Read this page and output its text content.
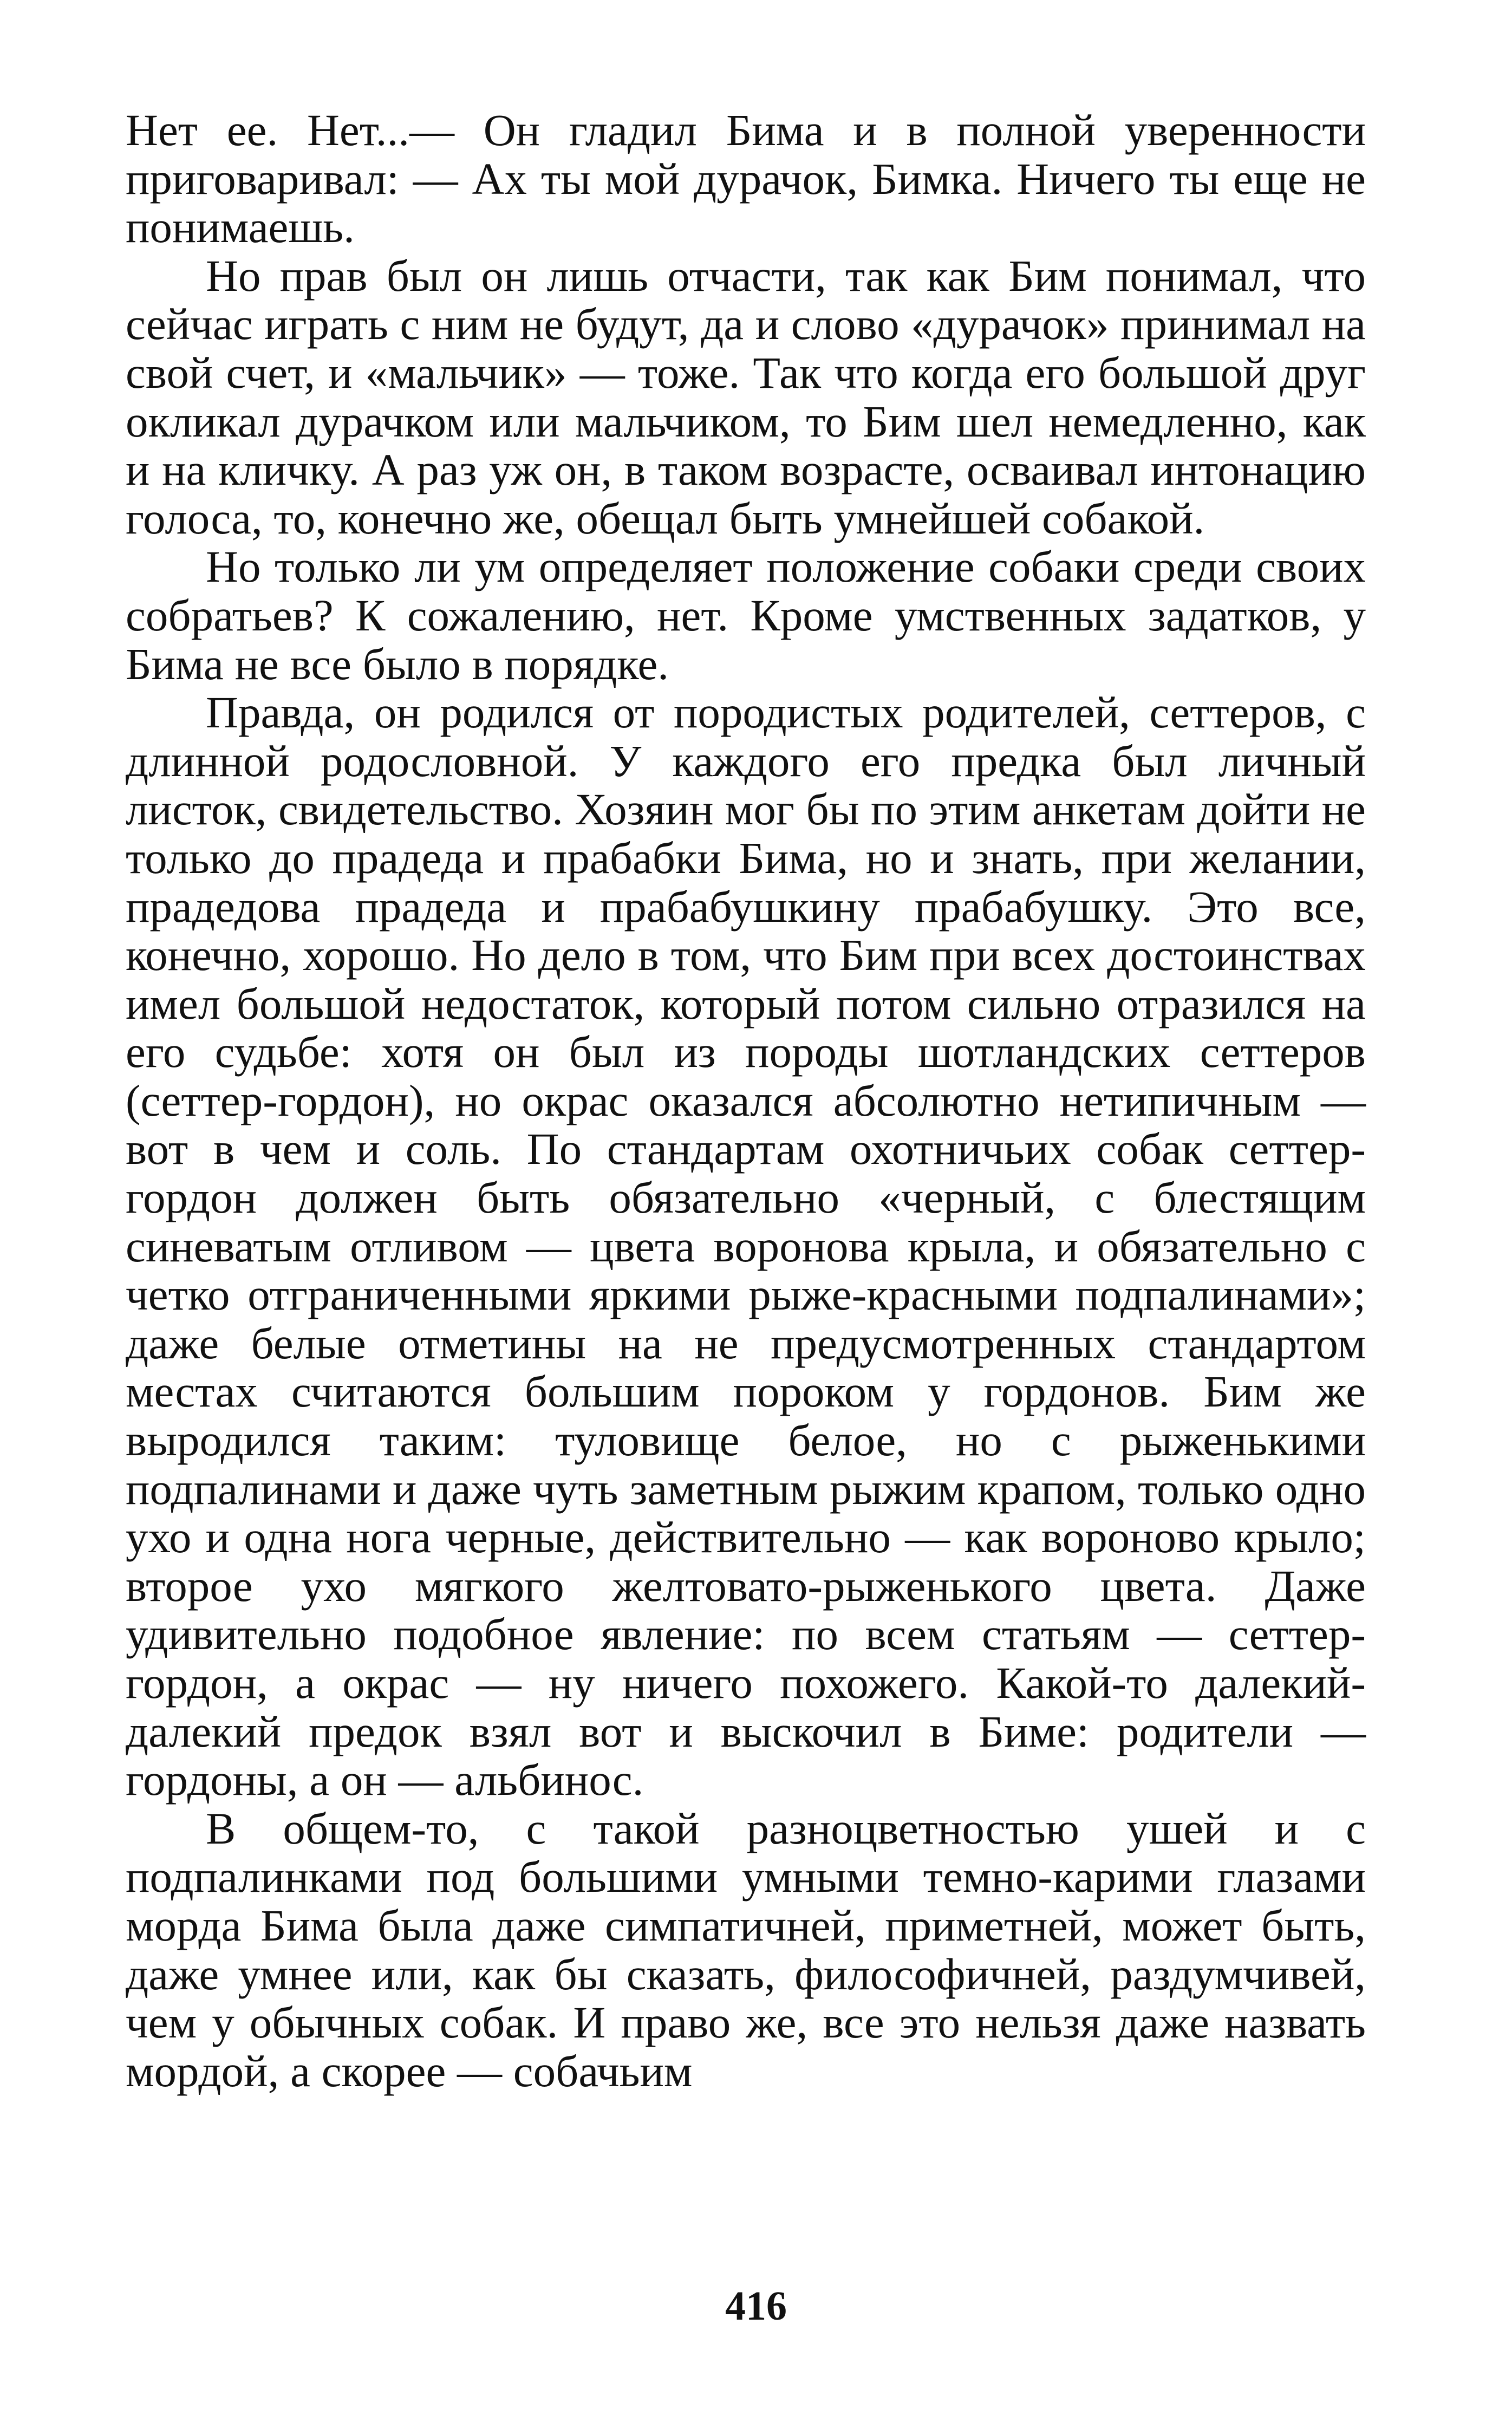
Нет ее. Нет...— Он гладил Бима и в полной уверенности приговаривал: — Ах ты мой дурачок, Бимка. Ничего ты еще не понимаешь.

Но прав был он лишь отчасти, так как Бим понимал, что сейчас играть с ним не будут, да и слово «дурачок» принимал на свой счет, и «мальчик» — тоже. Так что когда его большой друг окликал дурачком или мальчиком, то Бим шел немедленно, как и на кличку. А раз уж он, в таком возрасте, осваивал интонацию голоса, то, конечно же, обещал быть умнейшей собакой.

Но только ли ум определяет положение собаки среди своих собратьев? К сожалению, нет. Кроме умственных задатков, у Бима не все было в порядке.

Правда, он родился от породистых родителей, сеттеров, с длинной родословной. У каждого его предка был личный листок, свидетельство. Хозяин мог бы по этим анкетам дойти не только до прадеда и прабабки Бима, но и знать, при желании, прадедова прадеда и прабабушкину прабабушку. Это все, конечно, хорошо. Но дело в том, что Бим при всех достоинствах имел большой недостаток, который потом сильно отразился на его судьбе: хотя он был из породы шотландских сеттеров (сеттер-гордон), но окрас оказался абсолютно нетипичным — вот в чем и соль. По стандартам охотничьих собак сеттер-гордон должен быть обязательно «черный, с блестящим синеватым отливом — цвета воронова крыла, и обязательно с четко отграниченными яркими рыже-красными подпалинами»; даже белые отметины на не предусмотренных стандартом местах считаются большим пороком у гордонов. Бим же выродился таким: туловище белое, но с рыженькими подпалинами и даже чуть заметным рыжим крапом, только одно ухо и одна нога черные, действительно — как вороново крыло; второе ухо мягкого желтовато-рыженького цвета. Даже удивительно подобное явление: по всем статьям — сеттер-гордон, а окрас — ну ничего похожего. Какой-то далекий-далекий предок взял вот и выскочил в Биме: родители — гордоны, а он — альбинос.

В общем-то, с такой разноцветностью ушей и с подпалинками под большими умными темно-карими глазами морда Бима была даже симпатичней, приметней, может быть, даже умнее или, как бы сказать, философичней, раздумчивей, чем у обычных собак. И право же, все это нельзя даже назвать мордой, а скорее — собачьим

416
